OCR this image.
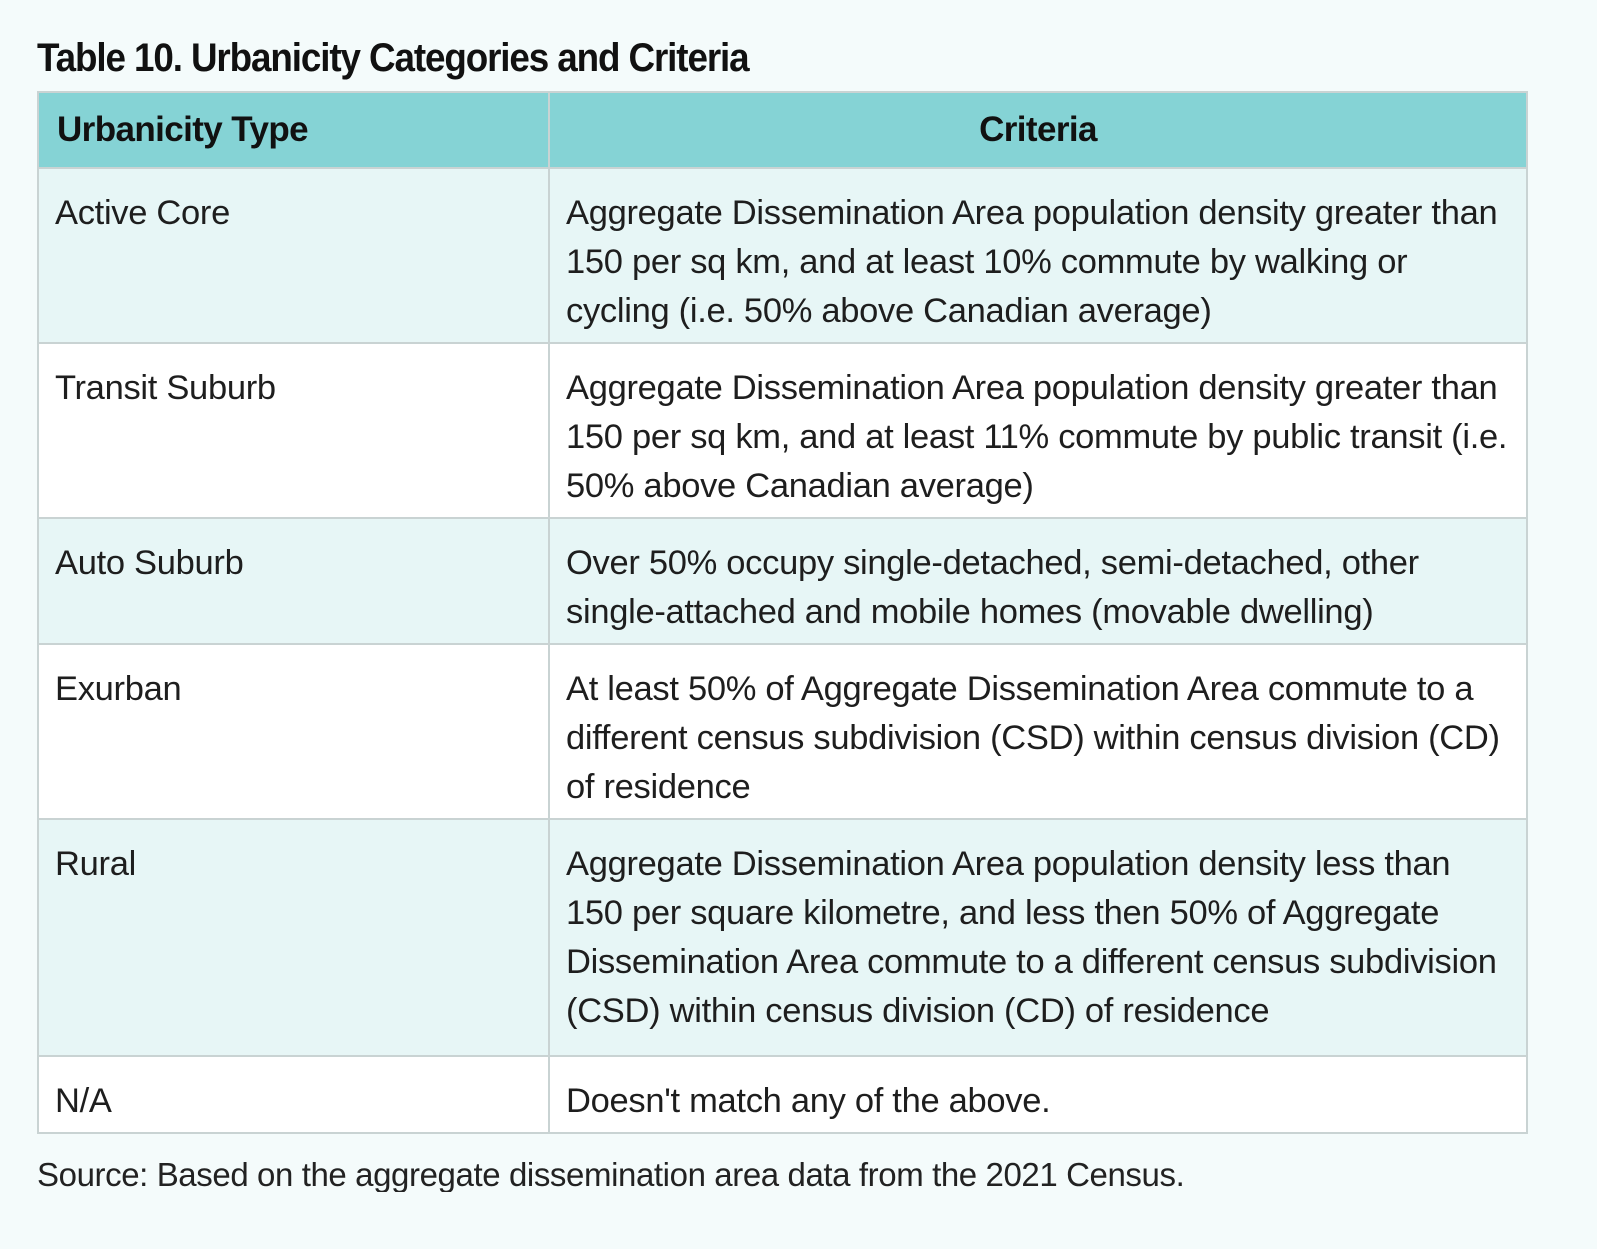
Table 10. Urbanicity Categories and Criteria
Urbanicity Type	Criteria
Active Core	Aggregate Dissemination Area population density greater than 150 per sq km, and at least 10% commute by walking or cycling (i.e. 50% above Canadian average)
Transit Suburb	Aggregate Dissemination Area population density greater than 150 per sq km, and at least 11% commute by public transit (i.e. 50% above Canadian average)
Auto Suburb	Over 50% occupy single-detached, semi-detached, other single-attached and mobile homes (movable dwelling)
Exurban	At least 50% of Aggregate Dissemination Area commute to a different census subdivision (CSD) within census division (CD) of residence
Rural	Aggregate Dissemination Area population density less than 150 per square kilometre, and less then 50% of Aggregate Dissemination Area commute to a different census subdivision (CSD) within census division (CD) of residence
N/A	Doesn't match any of the above.
Source: Based on the aggregate dissemination area data from the 2021 Census.
